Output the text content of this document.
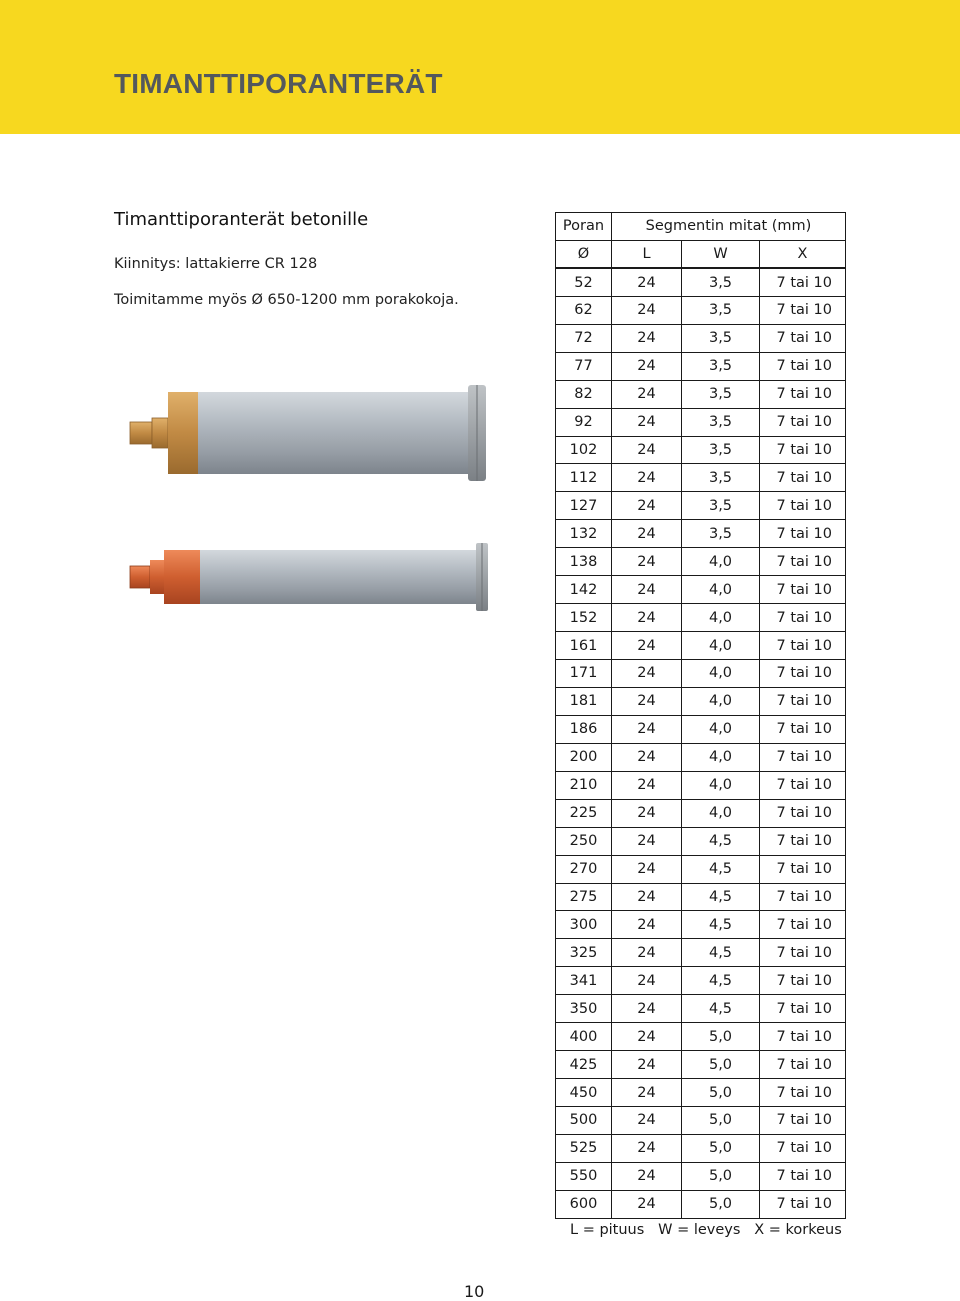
TIMANTTIPORANTERÄT
Timanttiporanterät betonille
Kiinnitys: lattakierre CR 128
Toimitamme myös Ø 650-1200 mm porakokoja.
Poran	Segmentin mitat (mm)		
Ø	L	W	X
52	24	3,5	7 tai 10
62	24	3,5	7 tai 10
72	24	3,5	7 tai 10
77	24	3,5	7 tai 10
82	24	3,5	7 tai 10
92	24	3,5	7 tai 10
102	24	3,5	7 tai 10
112	24	3,5	7 tai 10
127	24	3,5	7 tai 10
132	24	3,5	7 tai 10
138	24	4,0	7 tai 10
142	24	4,0	7 tai 10
152	24	4,0	7 tai 10
161	24	4,0	7 tai 10
171	24	4,0	7 tai 10
181	24	4,0	7 tai 10
186	24	4,0	7 tai 10
200	24	4,0	7 tai 10
210	24	4,0	7 tai 10
225	24	4,0	7 tai 10
250	24	4,5	7 tai 10
270	24	4,5	7 tai 10
275	24	4,5	7 tai 10
300	24	4,5	7 tai 10
325	24	4,5	7 tai 10
341	24	4,5	7 tai 10
350	24	4,5	7 tai 10
400	24	5,0	7 tai 10
425	24	5,0	7 tai 10
450	24	5,0	7 tai 10
500	24	5,0	7 tai 10
525	24	5,0	7 tai 10
550	24	5,0	7 tai 10
600	24	5,0	7 tai 10
L = pituus   W = leveys   X = korkeus
10
